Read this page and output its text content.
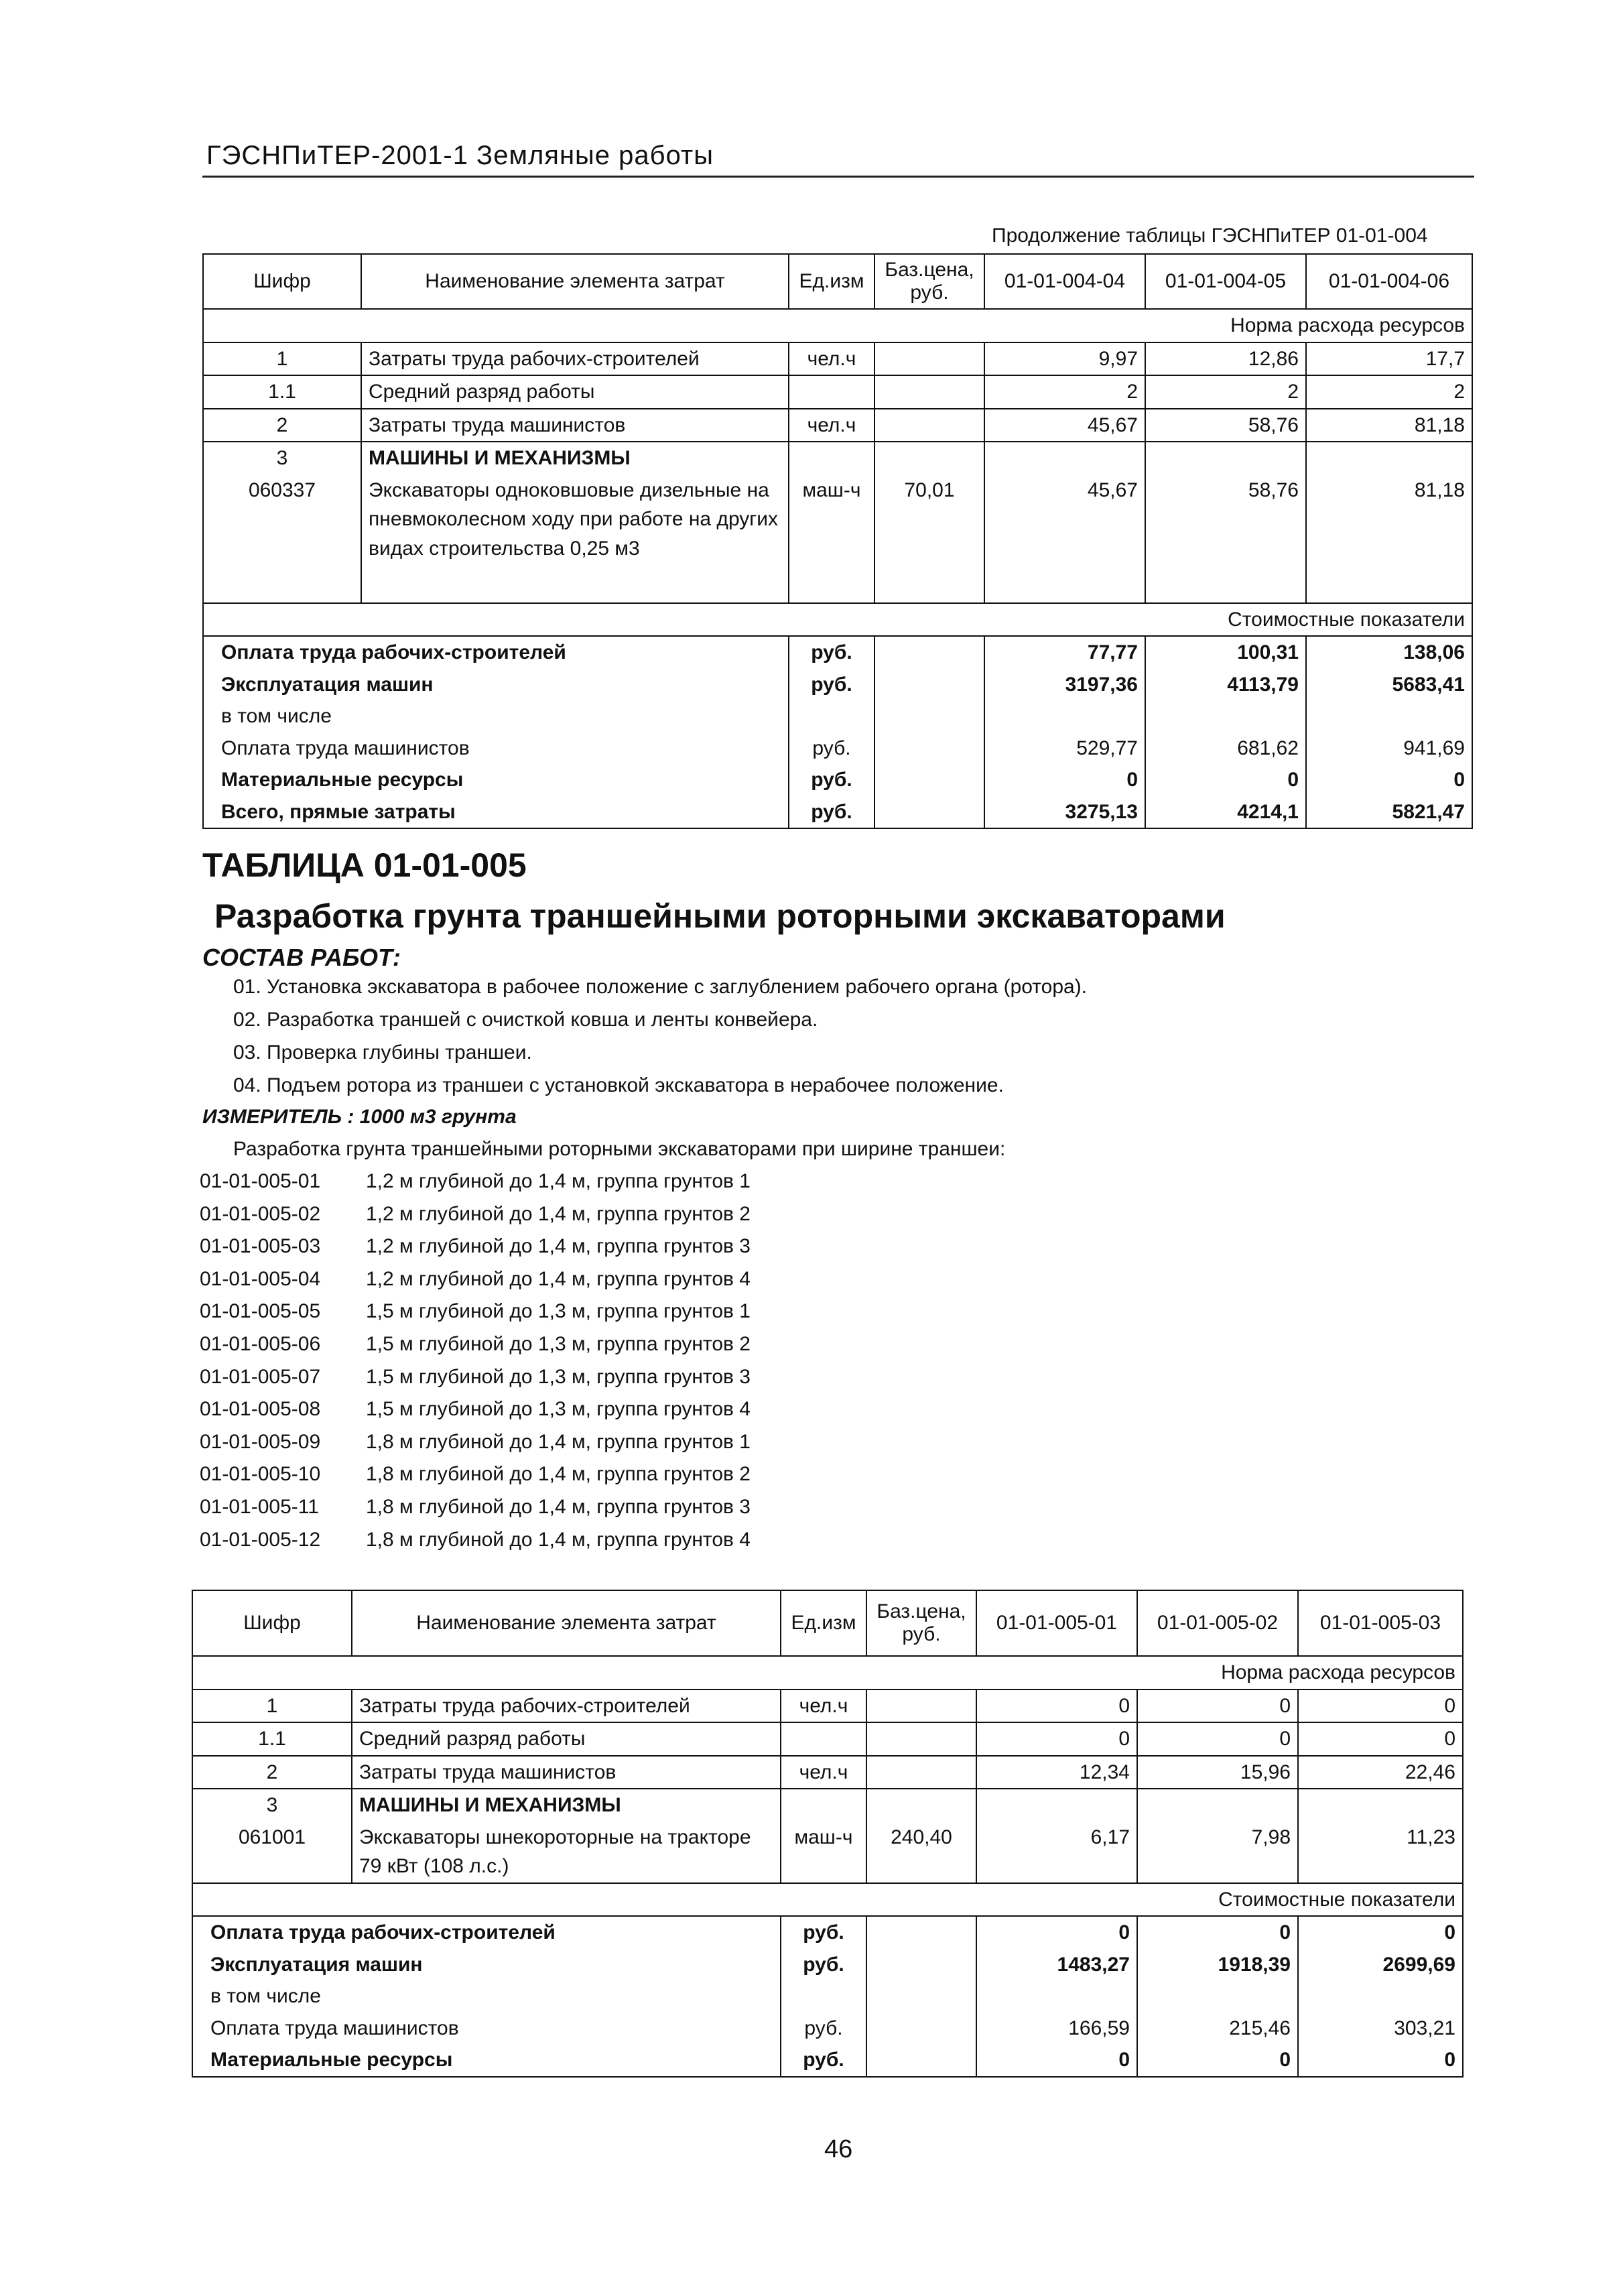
ГЭСНПиТЕР-2001-1 Земляные работы
Продолжение таблицы ГЭСНПиТЕР 01-01-004
Шифр	Наименование элемента затрат	Ед.изм	Баз.цена, руб.	01-01-004-04	01-01-004-05	01-01-004-06
Норма расхода ресурсов						
1	Затраты труда рабочих-строителей	чел.ч		9,97	12,86	17,7
1.1	Средний разряд работы			2	2	2
2	Затраты труда машинистов	чел.ч		45,67	58,76	81,18
3	МАШИНЫ И МЕХАНИЗМЫ					
060337	Экскаваторы одноковшовые дизельные на пневмоколесном ходу при работе на других видах строительства 0,25 м3	маш-ч	70,01	45,67	58,76	81,18
Стоимостные показатели						
Оплата труда рабочих-строителей		руб.		77,77	100,31	138,06
Эксплуатация машин		руб.		3197,36	4113,79	5683,41
в том числе						
Оплата труда машинистов		руб.		529,77	681,62	941,69
Материальные ресурсы		руб.		0	0	0
Всего, прямые затраты		руб.		3275,13	4214,1	5821,47
ТАБЛИЦА 01-01-005
Разработка грунта траншейными роторными экскаваторами
СОСТАВ РАБОТ:
01. Установка экскаватора в рабочее положение с заглублением рабочего органа (ротора).
02. Разработка траншей с очисткой ковша и ленты конвейера.
03. Проверка глубины траншеи.
04. Подъем ротора из траншеи с установкой экскаватора в нерабочее положение.
ИЗМЕРИТЕЛЬ : 1000 м3 грунта
Разработка грунта траншейными роторными экскаваторами при ширине траншеи:
01-01-005-01 1,2 м глубиной до 1,4 м, группа грунтов 1
01-01-005-02 1,2 м глубиной до 1,4 м, группа грунтов 2
01-01-005-03 1,2 м глубиной до 1,4 м, группа грунтов 3
01-01-005-04 1,2 м глубиной до 1,4 м, группа грунтов 4
01-01-005-05 1,5 м глубиной до 1,3 м, группа грунтов 1
01-01-005-06 1,5 м глубиной до 1,3 м, группа грунтов 2
01-01-005-07 1,5 м глубиной до 1,3 м, группа грунтов 3
01-01-005-08 1,5 м глубиной до 1,3 м, группа грунтов 4
01-01-005-09 1,8 м глубиной до 1,4 м, группа грунтов 1
01-01-005-10 1,8 м глубиной до 1,4 м, группа грунтов 2
01-01-005-11 1,8 м глубиной до 1,4 м, группа грунтов 3
01-01-005-12 1,8 м глубиной до 1,4 м, группа грунтов 4
Шифр	Наименование элемента затрат	Ед.изм	Баз.цена, руб.	01-01-005-01	01-01-005-02	01-01-005-03
Норма расхода ресурсов						
1	Затраты труда рабочих-строителей	чел.ч		0	0	0
1.1	Средний разряд работы			0	0	0
2	Затраты труда машинистов	чел.ч		12,34	15,96	22,46
3	МАШИНЫ И МЕХАНИЗМЫ					
061001	Экскаваторы шнекороторные на тракторе 79 кВт (108 л.с.)	маш-ч	240,40	6,17	7,98	11,23
Стоимостные показатели						
Оплата труда рабочих-строителей		руб.		0	0	0
Эксплуатация машин		руб.		1483,27	1918,39	2699,69
в том числе						
Оплата труда машинистов		руб.		166,59	215,46	303,21
Материальные ресурсы		руб.		0	0	0
46
